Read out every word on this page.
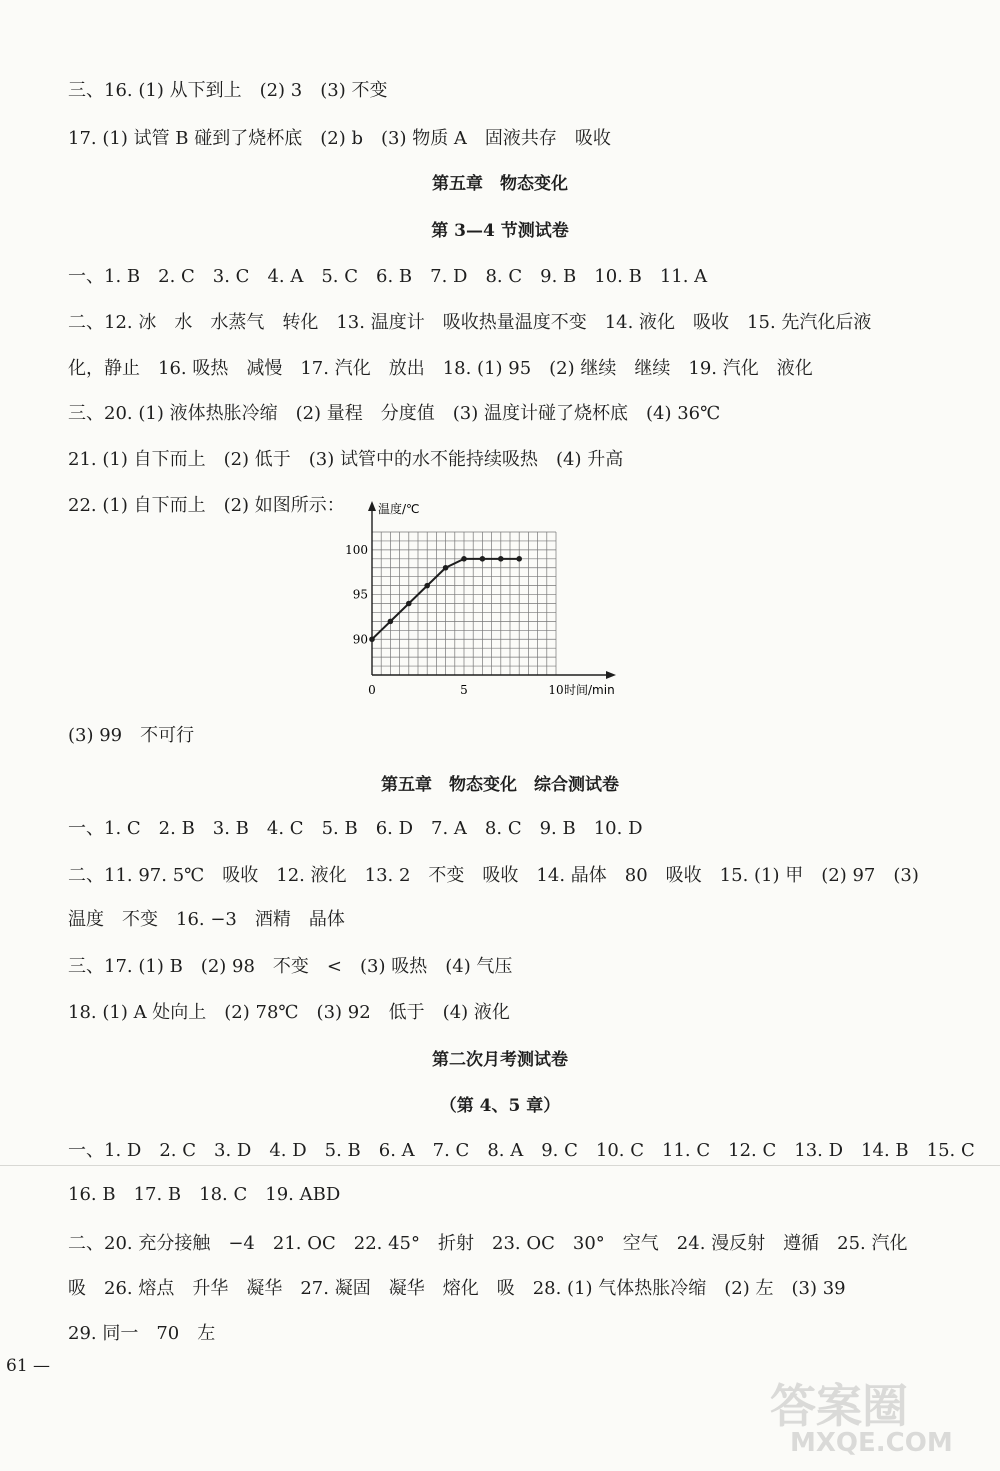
三、16. (1) 从下到上　(2) 3　(3) 不变
17. (1) 试管 B 碰到了烧杯底　(2) b　(3) 物质 A　固液共存　吸收
第五章　物态变化
第 3—4 节测试卷
一、1. B　2. C　3. C　4. A　5. C　6. B　7. D　8. C　9. B　10. B　11. A
二、12. 冰　水　水蒸气　转化　13. 温度计　吸收热量温度不变　14. 液化　吸收　15. 先汽化后液
化，静止　16. 吸热　减慢　17. 汽化　放出　18. (1) 95　(2) 继续　继续　19. 汽化　液化
三、20. (1) 液体热胀冷缩　(2) 量程　分度值　(3) 温度计碰了烧杯底　(4) 36℃
21. (1) 自下而上　(2) 低于　(3) 试管中的水不能持续吸热　(4) 升高
22. (1) 自下而上　(2) 如图所示：
0	5	10
90
95
100
温度/℃
时间/min
(3) 99　不可行
第五章　物态变化　综合测试卷
一、1. C　2. B　3. B　4. C　5. B　6. D　7. A　8. C　9. B　10. D
二、11. 97. 5℃　吸收　12. 液化　13. 2　不变　吸收　14. 晶体　80　吸收　15. (1) 甲　(2) 97　(3)
温度　不变　16. −3　酒精　晶体
三、17. (1) B　(2) 98　不变　<　(3) 吸热　(4) 气压
18. (1) A 处向上　(2) 78℃　(3) 92　低于　(4) 液化
第二次月考测试卷
（第 4、5 章）
一、1. D　2. C　3. D　4. D　5. B　6. A　7. C　8. A　9. C　10. C　11. C　12. C　13. D　14. B　15. C
16. B　17. B　18. C　19. ABD
二、20. 充分接触　−4　21. OC　22. 45°　折射　23. OC　30°　空气　24. 漫反射　遵循　25. 汽化
吸　26. 熔点　升华　凝华　27. 凝固　凝华　熔化　吸　28. (1) 气体热胀冷缩　(2) 左　(3) 39
29. 同一　70　左
61 —
答案圈
MXQE.COM
